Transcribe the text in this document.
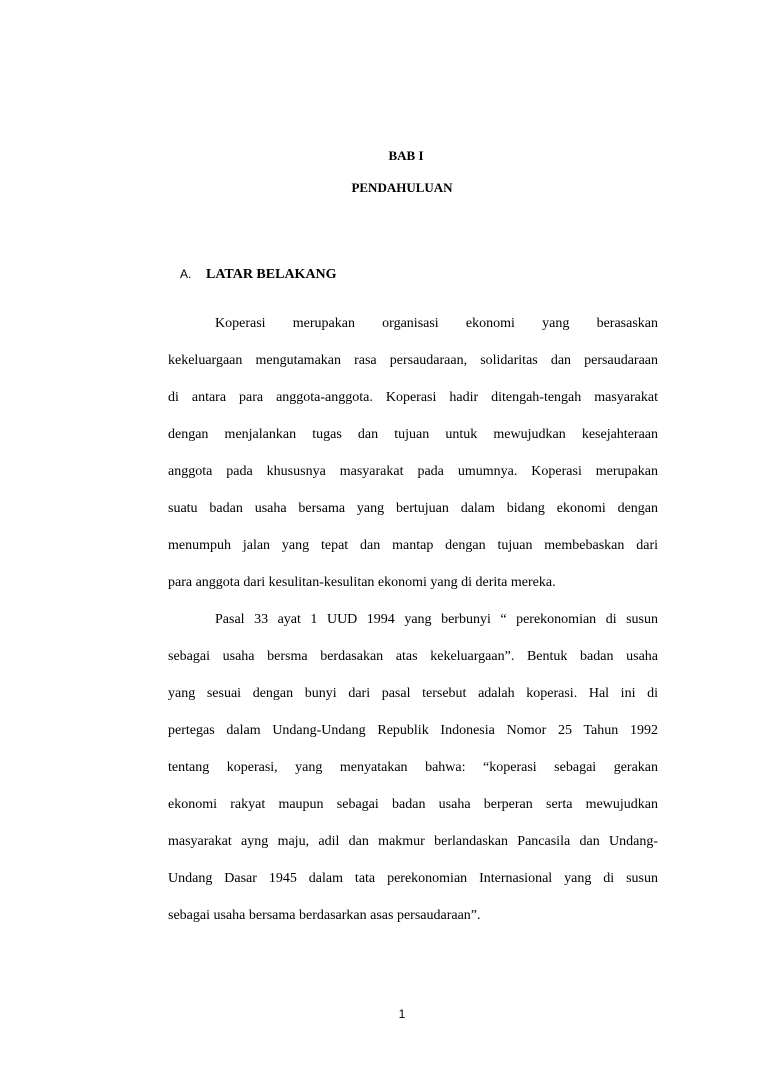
BAB I
PENDAHULUAN
A. LATAR BELAKANG
Koperasi merupakan organisasi ekonomi yang berasaskan
kekeluargaan mengutamakan rasa persaudaraan, solidaritas dan persaudaraan
di antara para anggota-anggota. Koperasi hadir ditengah-tengah masyarakat
dengan menjalankan tugas dan tujuan untuk mewujudkan kesejahteraan
anggota pada khususnya masyarakat pada umumnya. Koperasi merupakan
suatu badan usaha bersama yang bertujuan dalam bidang ekonomi dengan
menumpuh jalan yang tepat dan mantap dengan tujuan membebaskan dari
para anggota dari kesulitan-kesulitan ekonomi yang di derita mereka.
Pasal 33 ayat 1 UUD 1994 yang berbunyi “ perekonomian di susun
sebagai usaha bersma berdasakan atas kekeluargaan”. Bentuk badan usaha
yang sesuai dengan bunyi dari pasal tersebut adalah koperasi. Hal ini di
pertegas dalam Undang-Undang Republik Indonesia Nomor 25 Tahun 1992
tentang koperasi, yang menyatakan bahwa: “koperasi sebagai gerakan
ekonomi rakyat maupun sebagai badan usaha berperan serta mewujudkan
masyarakat ayng maju, adil dan makmur berlandaskan Pancasila dan Undang-
Undang Dasar 1945 dalam tata perekonomian Internasional yang di susun
sebagai usaha bersama berdasarkan asas persaudaraan”.

1
